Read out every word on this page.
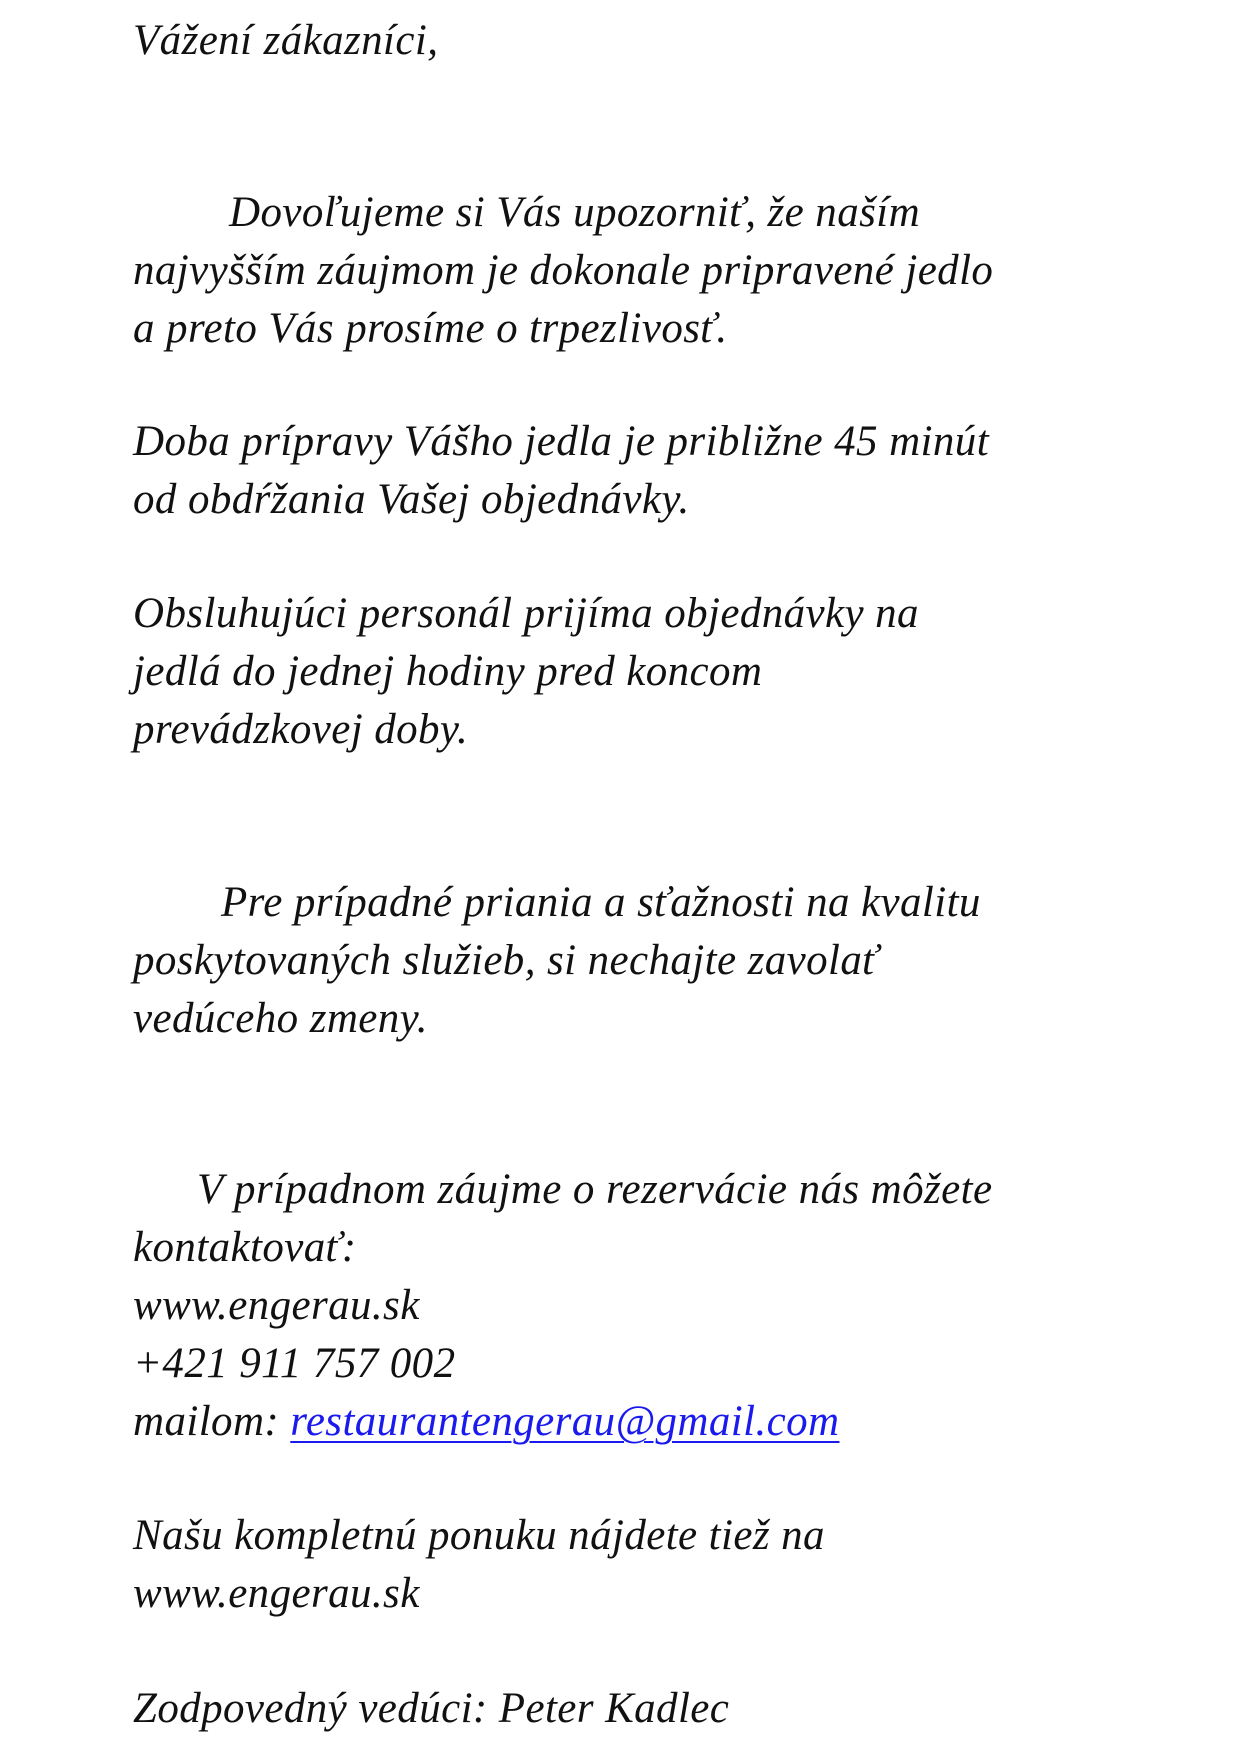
Vážení zákazníci,

Dovoľujeme si Vás upozorniť, že naším

najvyšším záujmom je dokonale pripravené jedlo

a preto Vás prosíme o trpezlivosť.

Doba prípravy Vášho jedla je približne 45 minút

od obdŕžania Vašej objednávky.

Obsluhujúci personál prijíma objednávky na

jedlá do jednej hodiny pred koncom

prevádzkovej doby.

Pre prípadné priania a sťažnosti na kvalitu

poskytovaných služieb, si nechajte zavolať

vedúceho zmeny.

V prípadnom záujme o rezervácie nás môžete

kontaktovať:

www.engerau.sk

+421 911 757 002

mailom: restaurantengerau@gmail.com

Našu kompletnú ponuku nájdete tiež na

www.engerau.sk

Zodpovedný vedúci: Peter Kadlec
